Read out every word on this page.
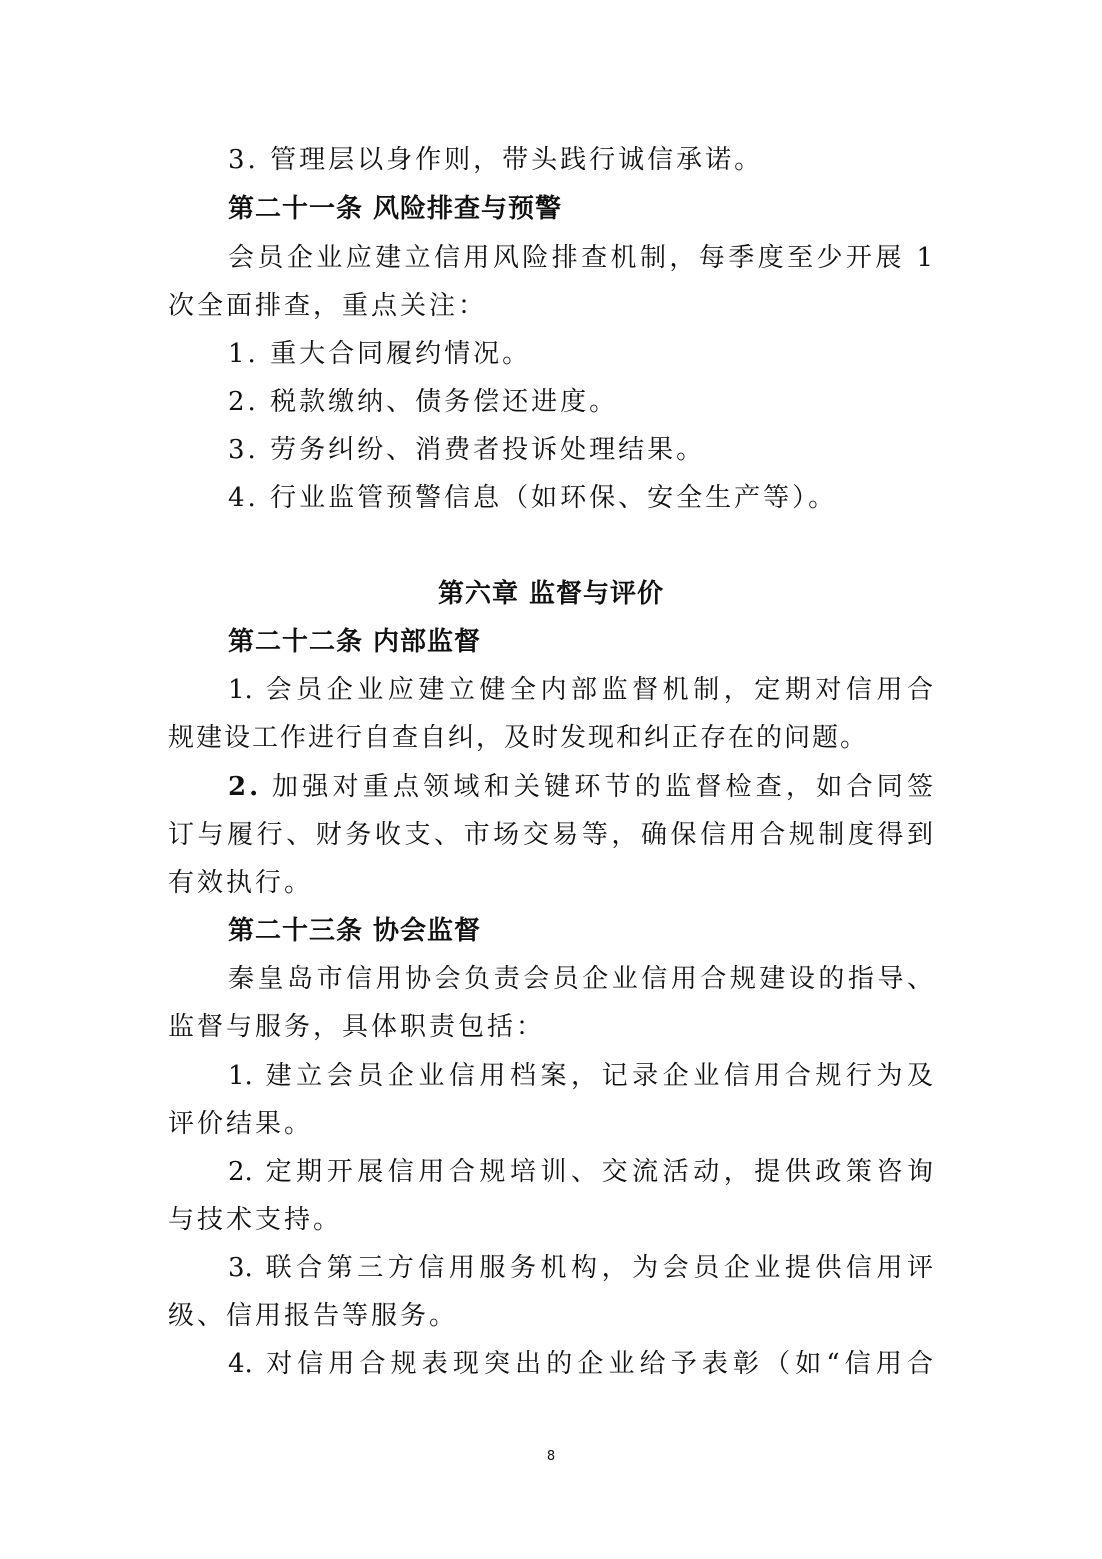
3. 管理层以身作则，带头践行诚信承诺。
第二十一条 风险排查与预警
会员企业应建立信用风险排查机制，每季度至少开展 1
次全面排查，重点关注：
1. 重大合同履约情况。
2. 税款缴纳、债务偿还进度。
3. 劳务纠纷、消费者投诉处理结果。
4. 行业监管预警信息（如环保、安全生产等）。
第六章 监督与评价
第二十二条 内部监督
1. 会员企业应建立健全内部监督机制，定期对信用合
规建设工作进行自查自纠，及时发现和纠正存在的问题。
2. 加强对重点领域和关键环节的监督检查，如合同签
订与履行、财务收支、市场交易等，确保信用合规制度得到
有效执行。
第二十三条 协会监督
秦皇岛市信用协会负责会员企业信用合规建设的指导、
监督与服务，具体职责包括：
1. 建立会员企业信用档案，记录企业信用合规行为及
评价结果。
2. 定期开展信用合规培训、交流活动，提供政策咨询
与技术支持。
3. 联合第三方信用服务机构，为会员企业提供信用评
级、信用报告等服务。
4. 对信用合规表现突出的企业给予表彰（如“信用合
8
